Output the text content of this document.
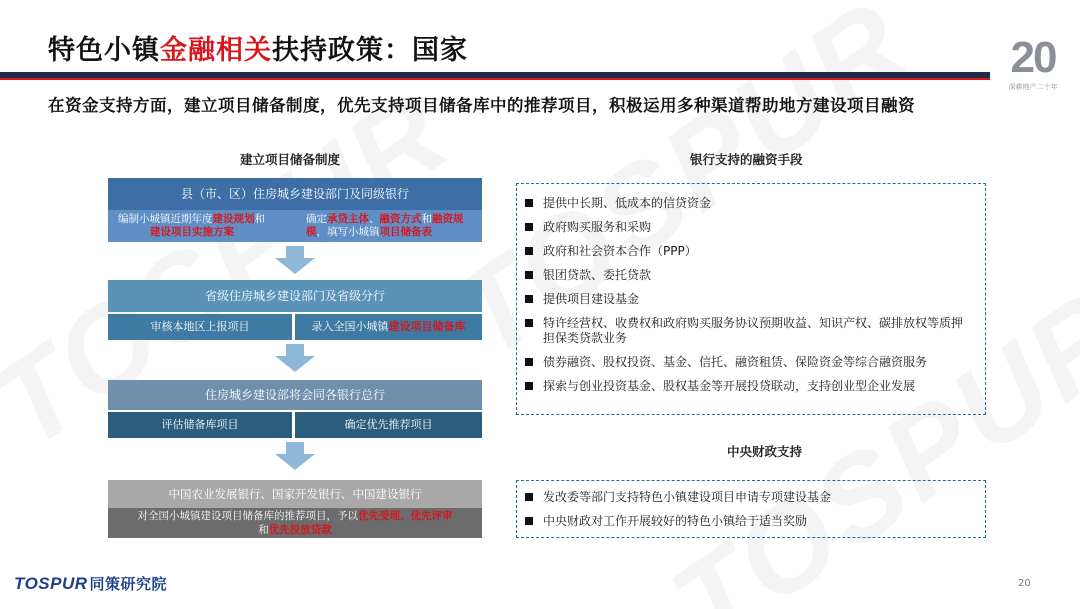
特色小镇金融相关扶持政策：国家	20
深耕地产二十年
在资金支持方面，建立项目储备制度，优先支持项目储备库中的推荐项目，积极运用多种渠道帮助地方建设项目融资
建立项目储备制度
县（市、区）住房城乡建设部门及同级银行
编制小城镇近期年度建设规划和
建设项目实施方案
确定承贷主体、融资方式和融资规模，填写小城镇项目储备表
省级住房城乡建设部门及省级分行
审核本地区上报项目	录入全国小城镇建设项目储备库
住房城乡建设部将会同各银行总行
评估储备库项目	确定优先推荐项目
中国农业发展银行、国家开发银行、中国建设银行
对全国小城镇建设项目储备库的推荐项目，予以优先受理、优先评审
和优先投放贷款
银行支持的融资手段
提供中长期、低成本的信贷资金
政府购买服务和采购
政府和社会资本合作（PPP）
银团贷款、委托贷款
提供项目建设基金
特许经营权、收费权和政府购买服务协议预期收益、知识产权、碳排放权等质押担保类贷款业务
债券融资、股权投资、基金、信托、融资租赁、保险资金等综合融资服务
探索与创业投资基金、股权基金等开展投贷联动，支持创业型企业发展
中央财政支持
发改委等部门支持特色小镇建设项目申请专项建设基金
中央财政对工作开展较好的特色小镇给于适当奖励
TOSPUR 同策研究院	20
